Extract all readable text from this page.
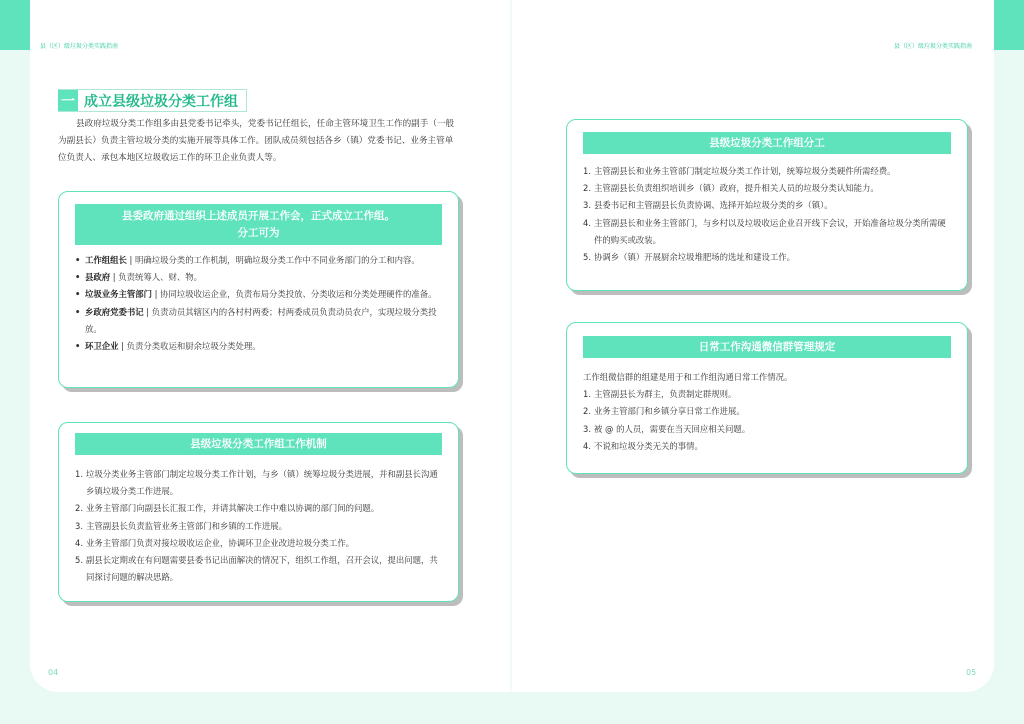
县（区）级垃圾分类实践指南	县（区）级垃圾分类实践指南
一 成立县级垃圾分类工作组

县政府垃圾分类工作组多由县党委书记牵头，党委书记任组长，任命主管环境卫生工作的副手（一般为副县长）负责主管垃圾分类的实施开展等具体工作。团队成员须包括各乡（镇）党委书记、业务主管单位负责人、承包本地区垃圾收运工作的环卫企业负责人等。

县委政府通过组织上述成员开展工作会，正式成立工作组。
分工可为
• 工作组组长 | 明确垃圾分类的工作机制，明确垃圾分类工作中不同业务部门的分工和内容。
• 县政府 | 负责统筹人、财、物。
• 垃圾业务主管部门 | 协同垃圾收运企业，负责布局分类投放、分类收运和分类处理硬件的准备。
• 乡政府党委书记 | 负责动员其辖区内的各村村两委；村两委成员负责动员农户，实现垃圾分类投放。
• 环卫企业 | 负责分类收运和厨余垃圾分类处理。
县级垃圾分类工作组工作机制
1. 垃圾分类业务主管部门制定垃圾分类工作计划，与乡（镇）统筹垃圾分类进展，并和副县长沟通乡镇垃圾分类工作进展。
2. 业务主管部门向副县长汇报工作，并请其解决工作中难以协调的部门间的问题。
3. 主管副县长负责监管业务主管部门和乡镇的工作进展。
4. 业务主管部门负责对接垃圾收运企业，协调环卫企业改进垃圾分类工作。
5. 副县长定期或在有问题需要县委书记出面解决的情况下，组织工作组，召开会议，提出问题，共同探讨问题的解决思路。
县级垃圾分类工作组分工
1. 主管副县长和业务主管部门制定垃圾分类工作计划，统筹垃圾分类硬件所需经费。
2. 主管副县长负责组织培训乡（镇）政府，提升相关人员的垃圾分类认知能力。
3. 县委书记和主管副县长负责协调、选择开始垃圾分类的乡（镇）。
4. 主管副县长和业务主管部门，与乡村以及垃圾收运企业召开线下会议，开始准备垃圾分类所需硬件的购买或改装。
5. 协调乡（镇）开展厨余垃圾堆肥场的选址和建设工作。
日常工作沟通微信群管理规定

工作组微信群的组建是用于和工作组沟通日常工作情况。

1. 主管副县长为群主，负责制定群规则。
2. 业务主管部门和乡镇分享日常工作进展。
3. 被 @ 的人员，需要在当天回应相关问题。
4. 不说和垃圾分类无关的事情。
04	05
